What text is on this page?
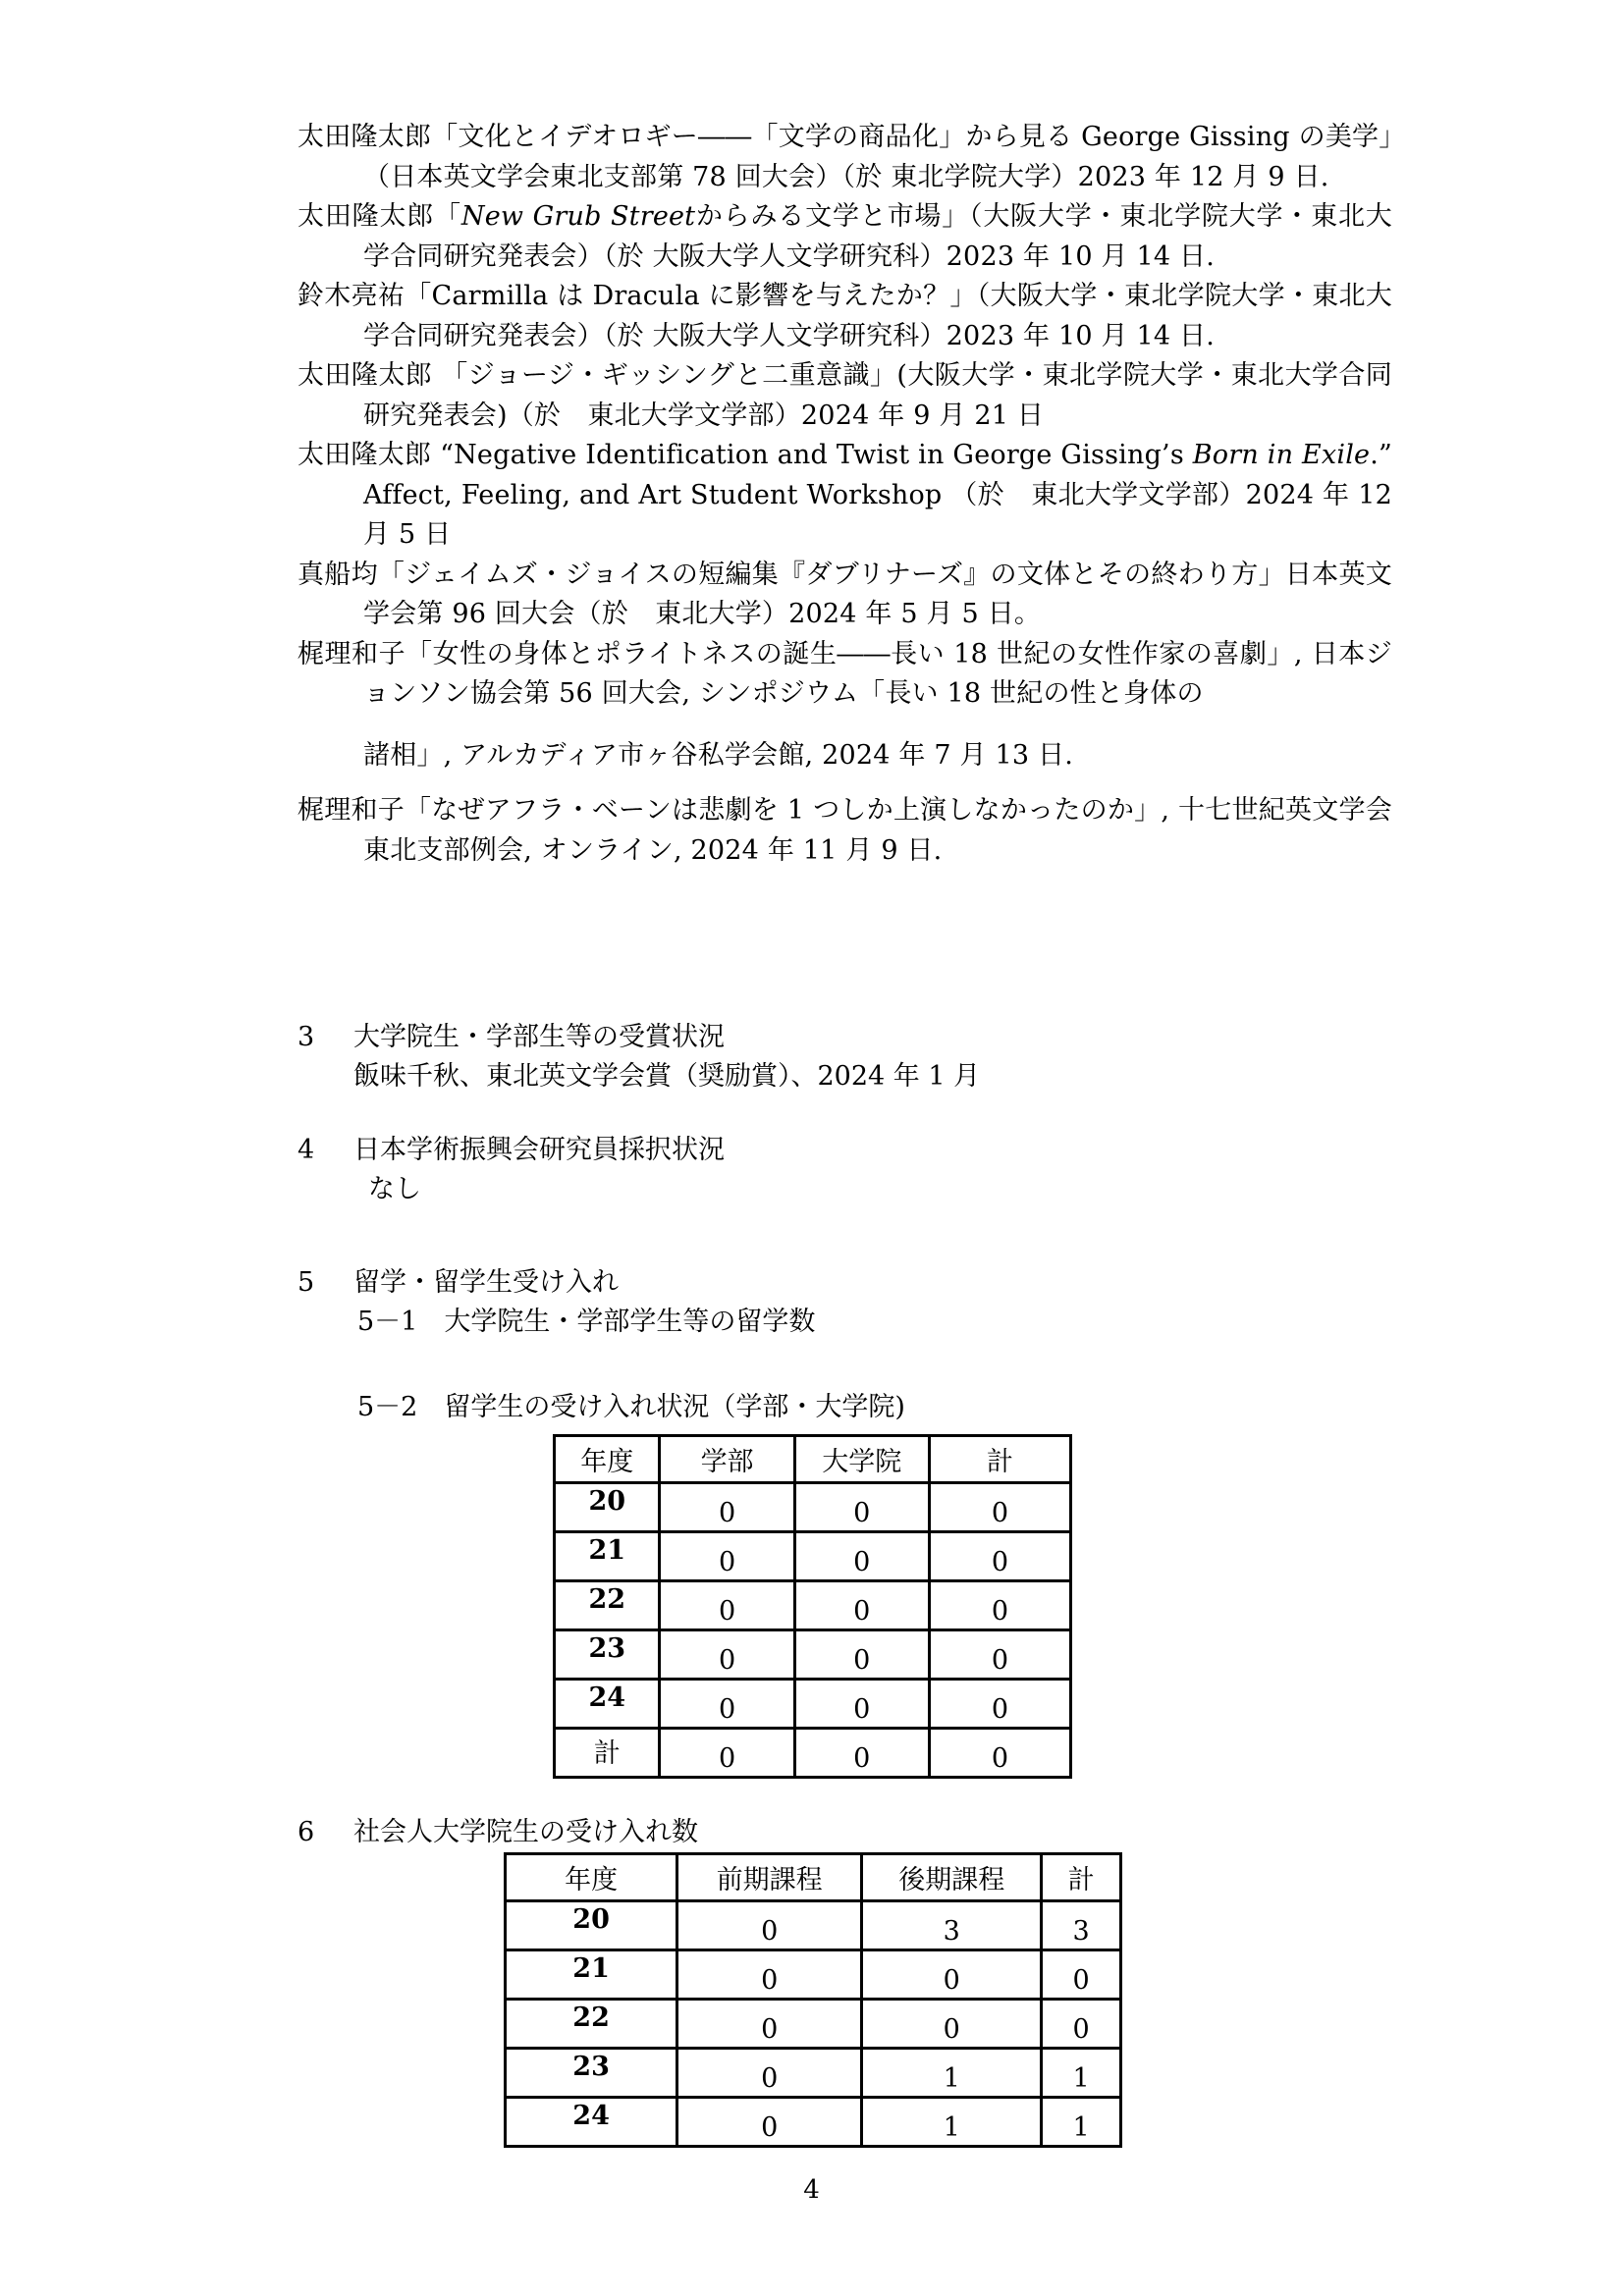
太田隆太郎「文化とイデオロギー――「文学の商品化」から見る George Gissing の美学」（日本英文学会東北支部第 78 回大会）（於 東北学院大学）2023 年 12 月 9 日.

太田隆太郎「New Grub Streetからみる文学と市場」（大阪大学・東北学院大学・東北大学合同研究発表会）（於 大阪大学人文学研究科）2023 年 10 月 14 日.

鈴木亮祐「Carmilla は Dracula に影響を与えたか？」（大阪大学・東北学院大学・東北大学合同研究発表会）（於 大阪大学人文学研究科）2023 年 10 月 14 日.

太田隆太郎 「ジョージ・ギッシングと二重意識」(大阪大学・東北学院大学・東北大学合同研究発表会)（於　東北大学文学部）2024 年 9 月 21 日

太田隆太郎 “Negative Identification and Twist in George Gissing’s Born in Exile.” Affect, Feeling, and Art Student Workshop （於　東北大学文学部）2024 年 12 月 5 日

真船均「ジェイムズ・ジョイスの短編集『ダブリナーズ』の文体とその終わり方」日本英文学会第 96 回大会（於　東北大学）2024 年 5 月 5 日。

梶理和子「女性の身体とポライトネスの誕生――長い 18 世紀の女性作家の喜劇」, 日本ジョンソン協会第 56 回大会, シンポジウム「長い 18 世紀の性と身体の
諸相」, アルカディア市ヶ谷私学会館, 2024 年 7 月 13 日.

梶理和子「なぜアフラ・ベーンは悲劇を 1 つしか上演しなかったのか」, 十七世紀英文学会東北支部例会, オンライン, 2024 年 11 月 9 日.

3 大学院生・学部生等の受賞状況
飯味千秋、東北英文学会賞（奨励賞）、2024 年 1 月
4 日本学術振興会研究員採択状況
なし
5 留学・留学生受け入れ
5－1　大学院生・学部学生等の留学数
5－2　留学生の受け入れ状況（学部・大学院)
年度	学部	大学院	計
20	0	0	0
21	0	0	0
22	0	0	0
23	0	0	0
24	0	0	0
計	0	0	0
6 社会人大学院生の受け入れ数
年度	前期課程	後期課程	計
20	0	3	3
21	0	0	0
22	0	0	0
23	0	1	1
24	0	1	1
4
